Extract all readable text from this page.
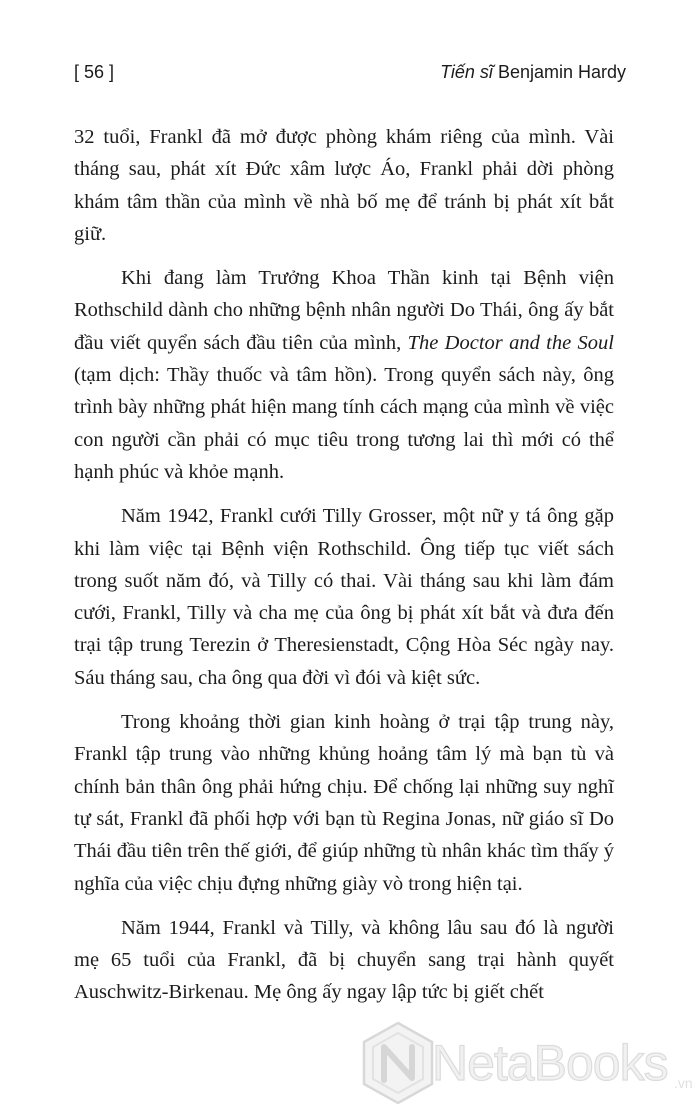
[ 56 ]	Tiến sĩ Benjamin Hardy

32 tuổi, Frankl đã mở được phòng khám riêng của mình. Vài tháng sau, phát xít Đức xâm lược Áo, Frankl phải dời phòng khám tâm thần của mình về nhà bố mẹ để tránh bị phát xít bắt giữ.

Khi đang làm Trưởng Khoa Thần kinh tại Bệnh viện Rothschild dành cho những bệnh nhân người Do Thái, ông ấy bắt đầu viết quyển sách đầu tiên của mình, The Doctor and the Soul (tạm dịch: Thầy thuốc và tâm hồn). Trong quyển sách này, ông trình bày những phát hiện mang tính cách mạng của mình về việc con người cần phải có mục tiêu trong tương lai thì mới có thể hạnh phúc và khỏe mạnh.

Năm 1942, Frankl cưới Tilly Grosser, một nữ y tá ông gặp khi làm việc tại Bệnh viện Rothschild. Ông tiếp tục viết sách trong suốt năm đó, và Tilly có thai. Vài tháng sau khi làm đám cưới, Frankl, Tilly và cha mẹ của ông bị phát xít bắt và đưa đến trại tập trung Terezin ở Theresienstadt, Cộng Hòa Séc ngày nay. Sáu tháng sau, cha ông qua đời vì đói và kiệt sức.

Trong khoảng thời gian kinh hoàng ở trại tập trung này, Frankl tập trung vào những khủng hoảng tâm lý mà bạn tù và chính bản thân ông phải hứng chịu. Để chống lại những suy nghĩ tự sát, Frankl đã phối hợp với bạn tù Regina Jonas, nữ giáo sĩ Do Thái đầu tiên trên thế giới, để giúp những tù nhân khác tìm thấy ý nghĩa của việc chịu đựng những giày vò trong hiện tại.

Năm 1944, Frankl và Tilly, và không lâu sau đó là người mẹ 65 tuổi của Frankl, đã bị chuyển sang trại hành quyết Auschwitz-Birkenau. Mẹ ông ấy ngay lập tức bị giết chết

NetaBooks .vn
